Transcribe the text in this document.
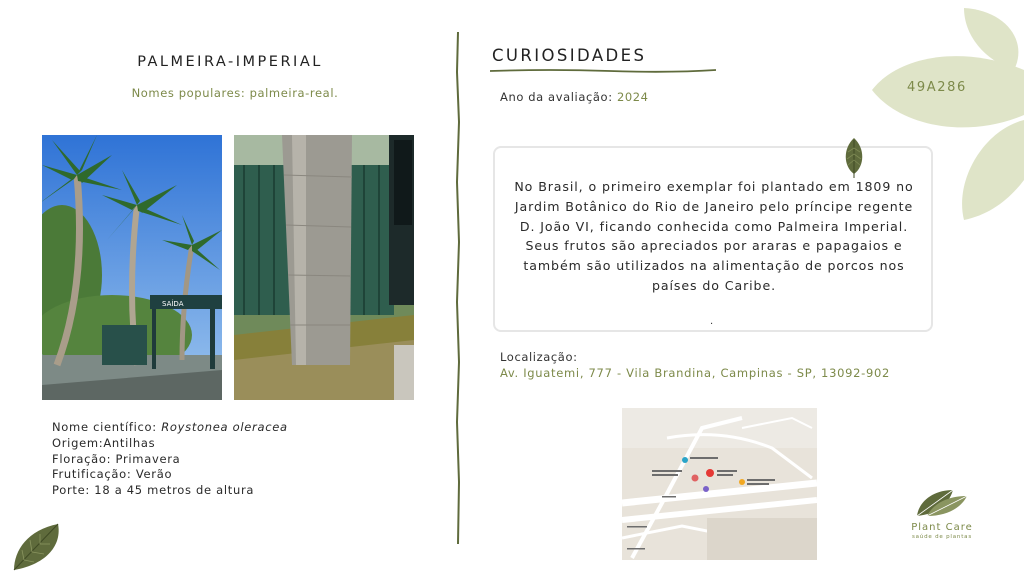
PALMEIRA-IMPERIAL
Nomes populares: palmeira-real.
SAÍDA
Nome científico: Roystonea oleracea
Origem:Antilhas
Floração: Primavera
Frutificação: Verão
Porte: 18 a 45 metros de altura
CURIOSIDADES
Ano da avaliação: 2024
No Brasil, o primeiro exemplar foi plantado em 1809 no Jardim Botânico do Rio de Janeiro pelo príncipe regente D. João VI, ficando conhecida como Palmeira Imperial. Seus frutos são apreciados por araras e papagaios e também são utilizados na alimentação de porcos nos países do Caribe.
.
Localização:
Av. Iguatemi, 777 - Vila Brandina, Campinas - SP, 13092-902
49A286
Plant Care
saúde de plantas
